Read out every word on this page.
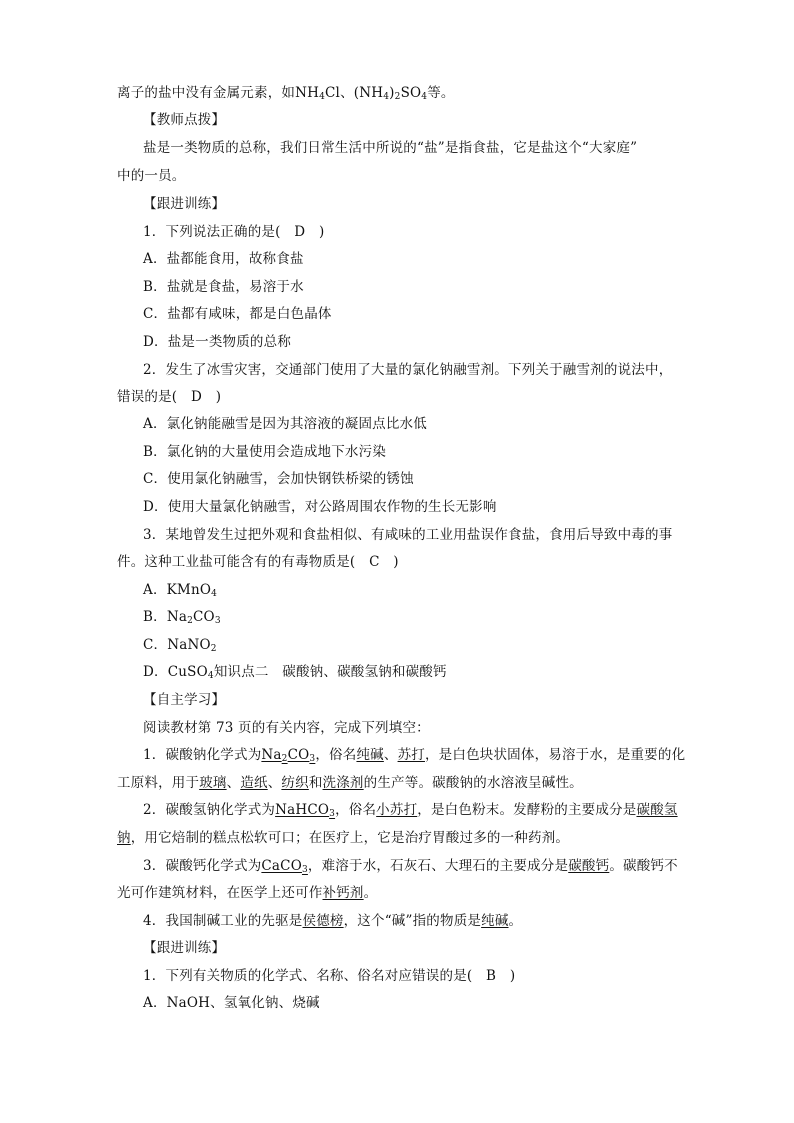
离子的盐中没有金属元素，如$NH_4Cl$、$(NH_4)_2SO_4$等。
【教师点拨】
盐是一类物质的总称，我们日常生活中所说的“盐”是指食盐，它是盐这个“大家庭”
中的一员。
【跟进训练】
1．下列说法正确的是(　D　)
A．盐都能食用，故称食盐
B．盐就是食盐，易溶于水
C．盐都有咸味，都是白色晶体
D．盐是一类物质的总称
2．发生了冰雪灾害，交通部门使用了大量的氯化钠融雪剂。下列关于融雪剂的说法中，
错误的是(　D　)
A．氯化钠能融雪是因为其溶液的凝固点比水低
B．氯化钠的大量使用会造成地下水污染
C．使用氯化钠融雪，会加快钢铁桥梁的锈蚀
D．使用大量氯化钠融雪，对公路周围农作物的生长无影响
3．某地曾发生过把外观和食盐相似、有咸味的工业用盐误作食盐，食用后导致中毒的事
件。这种工业盐可能含有的有毒物质是(　C　)
A．KMnO$_4$
B．$Na_2CO_3$
C．NaNO$_2$
D．CuSO$_4$知识点二　碳酸钠、碳酸氢钠和碳酸钙
【自主学习】
阅读教材第 73 页的有关内容，完成下列填空：
1．碳酸钠化学式为$Na_2CO_3$，俗名纯碱、苏打，是白色块状固体，易溶于水，是重要的化
工原料，用于玻璃、造纸、纺织和洗涤剂的生产等。碳酸钠的水溶液呈碱性。
2．碳酸氢钠化学式为NaHCO$_3$，俗名小苏打，是白色粉末。发酵粉的主要成分是碳酸氢
钠，用它焙制的糕点松软可口；在医疗上，它是治疗胃酸过多的一种药剂。
3．碳酸钙化学式为CaCO$_3$，难溶于水，石灰石、大理石的主要成分是碳酸钙。碳酸钙不
光可作建筑材料，在医学上还可作补钙剂。
4．我国制碱工业的先驱是侯德榜，这个“碱”指的物质是纯碱。
【跟进训练】
1．下列有关物质的化学式、名称、俗名对应错误的是(　B　)
A．NaOH、氢氧化钠、烧碱
